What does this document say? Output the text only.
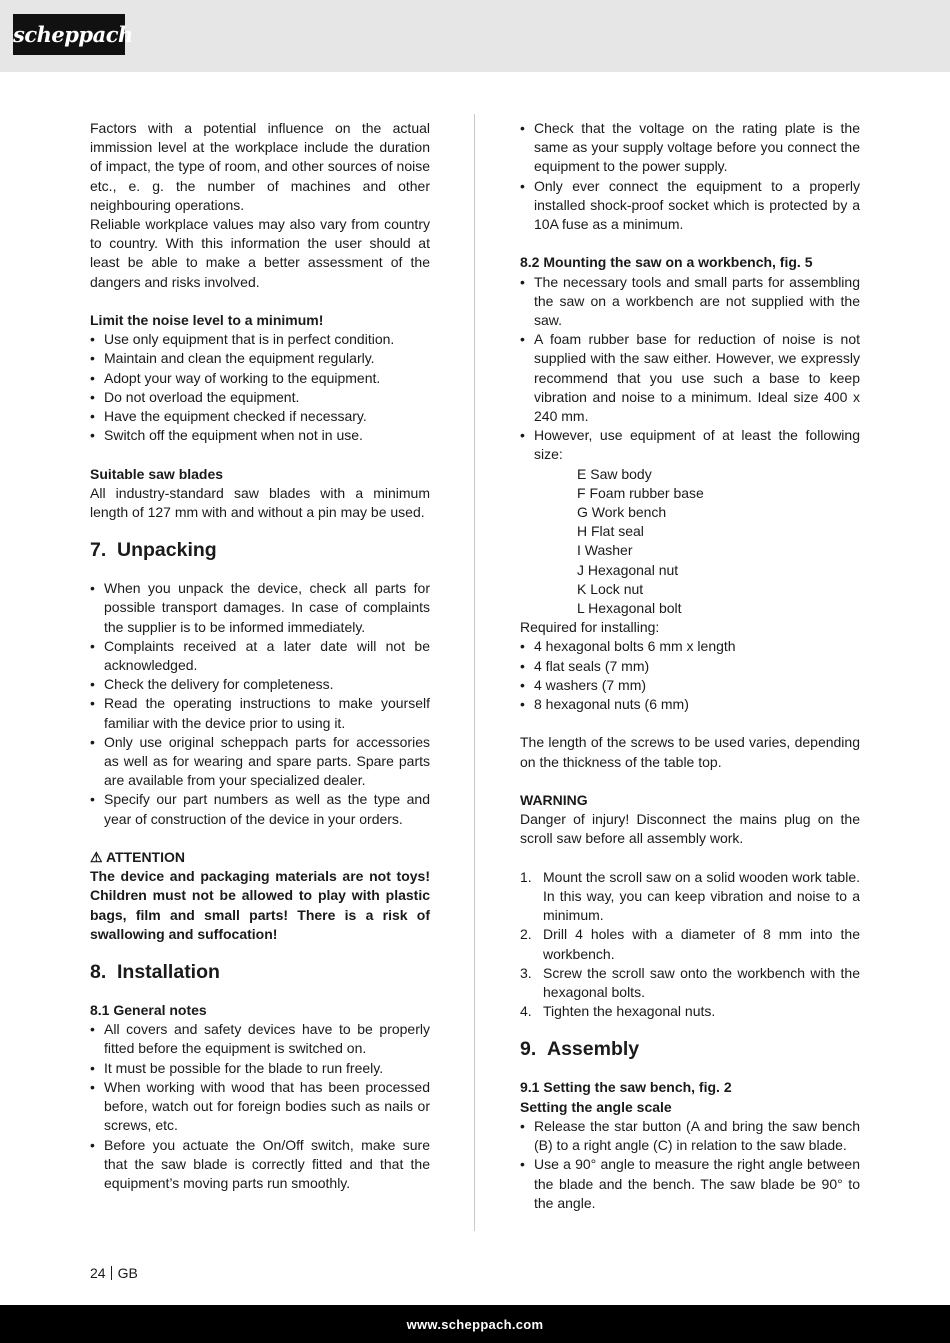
scheppach

Factors with a potential influence on the actual immission level at the workplace include the duration of impact, the type of room, and other sources of noise etc., e. g. the number of machines and other neighbouring operations.

Reliable workplace values may also vary from country to country. With this information the user should at least be able to make a better assessment of the dangers and risks involved.

Limit the noise level to a minimum!

• Use only equipment that is in perfect condition.
• Maintain and clean the equipment regularly.
• Adopt your way of working to the equipment.
• Do not overload the equipment.
• Have the equipment checked if necessary.
• Switch off the equipment when not in use.

Suitable saw blades

All industry-standard saw blades with a minimum length of 127 mm with and without a pin may be used.

7. Unpacking
• When you unpack the device, check all parts for possible transport damages. In case of complaints the supplier is to be informed immediately.
• Complaints received at a later date will not be acknowledged.
• Check the delivery for completeness.
• Read the operating instructions to make yourself familiar with the device prior to using it.
• Only use original scheppach parts for accessories as well as for wearing and spare parts. Spare parts are available from your specialized dealer.
• Specify our part numbers as well as the type and year of construction of the device in your orders.

⚠ ATTENTION

The device and packaging materials are not toys! Children must not be allowed to play with plastic bags, film and small parts! There is a risk of swallowing and suffocation!

8. Installation

8.1 General notes

• All covers and safety devices have to be properly fitted before the equipment is switched on.
• It must be possible for the blade to run freely.
• When working with wood that has been processed before, watch out for foreign bodies such as nails or screws, etc.
• Before you actuate the On/Off switch, make sure that the saw blade is correctly fitted and that the equipment’s moving parts run smoothly.
• Check that the voltage on the rating plate is the same as your supply voltage before you connect the equipment to the power supply.
• Only ever connect the equipment to a properly installed shock-proof socket which is protected by a 10A fuse as a minimum.

8.2 Mounting the saw on a workbench, fig. 5

• The necessary tools and small parts for assembling the saw on a workbench are not supplied with the saw.
• A foam rubber base for reduction of noise is not supplied with the saw either. However, we expressly recommend that you use such a base to keep vibration and noise to a minimum. Ideal size 400 x 240 mm.
• However, use equipment of at least the following size:
E Saw body
F Foam rubber base
G Work bench
H Flat seal
I Washer
J Hexagonal nut
K Lock nut
L Hexagonal bolt

Required for installing:

• 4 hexagonal bolts 6 mm x length
• 4 flat seals (7 mm)
• 4 washers (7 mm)
• 8 hexagonal nuts (6 mm)

The length of the screws to be used varies, depending on the thickness of the table top.

WARNING

Danger of injury! Disconnect the mains plug on the scroll saw before all assembly work.

1. Mount the scroll saw on a solid wooden work table. In this way, you can keep vibration and noise to a minimum.
2. Drill 4 holes with a diameter of 8 mm into the workbench.
3. Screw the scroll saw onto the workbench with the hexagonal bolts.
4. Tighten the hexagonal nuts.
9. Assembly

9.1 Setting the saw bench, fig. 2

Setting the angle scale

• Release the star button (A and bring the saw bench (B) to a right angle (C) in relation to the saw blade.
• Use a 90° angle to measure the right angle between the blade and the bench. The saw blade be 90° to the angle.
24 GB
www.scheppach.com
